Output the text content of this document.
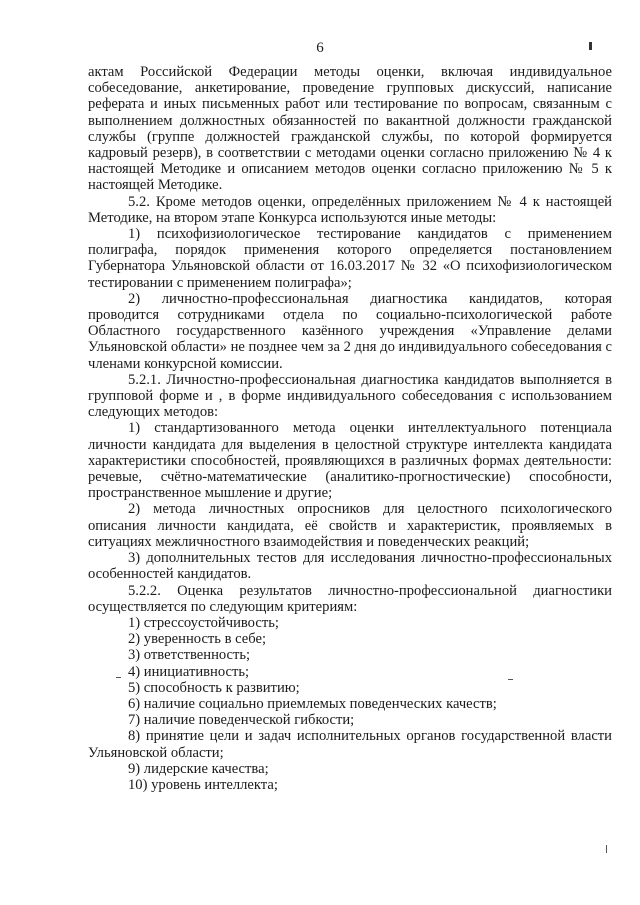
6

актам Российской Федерации методы оценки, включая индивидуальное собеседование, анкетирование, проведение групповых дискуссий, написание реферата и иных письменных работ или тестирование по вопросам, связанным с выполнением должностных обязанностей по вакантной должности гражданской службы (группе должностей гражданской службы, по которой формируется кадровый резерв), в соответствии с методами оценки согласно приложению № 4 к настоящей Методике и описанием методов оценки согласно приложению № 5 к настоящей Методике.

5.2. Кроме методов оценки, определённых приложением № 4 к настоящей Методике, на втором этапе Конкурса используются иные методы:

1) психофизиологическое тестирование кандидатов с применением полиграфа, порядок применения которого определяется постановлением Губернатора Ульяновской области от 16.03.2017 № 32 «О психофизиологическом тестировании с применением полиграфа»;

2) личностно-профессиональная диагностика кандидатов, которая проводится сотрудниками отдела по социально-психологической работе Областного государственного казённого учреждения «Управление делами Ульяновской области» не позднее чем за 2 дня до индивидуального собеседования с членами конкурсной комиссии.

5.2.1. Личностно-профессиональная диагностика кандидатов выполняется в групповой форме и , в форме индивидуального собеседования с использованием следующих методов:

1) стандартизованного метода оценки интеллектуального потенциала личности кандидата для выделения в целостной структуре интеллекта кандидата характеристики способностей, проявляющихся в различных формах деятельности: речевые, счётно-математические (аналитико-прогностические) способности, пространственное мышление и другие;

2) метода личностных опросников для целостного психологического описания личности кандидата, её свойств и характеристик, проявляемых в ситуациях межличностного взаимодействия и поведенческих реакций;

3) дополнительных тестов для исследования личностно-профессиональных особенностей кандидатов.

5.2.2. Оценка результатов личностно-профессиональной диагностики осуществляется по следующим критериям:

1) стрессоустойчивость;

2) уверенность в себе;

3) ответственность;

4) инициативность;

5) способность к развитию;

6) наличие социально приемлемых поведенческих качеств;

7) наличие поведенческой гибкости;

8) принятие цели и задач исполнительных органов государственной власти Ульяновской области;

9) лидерские качества;

10) уровень интеллекта;
